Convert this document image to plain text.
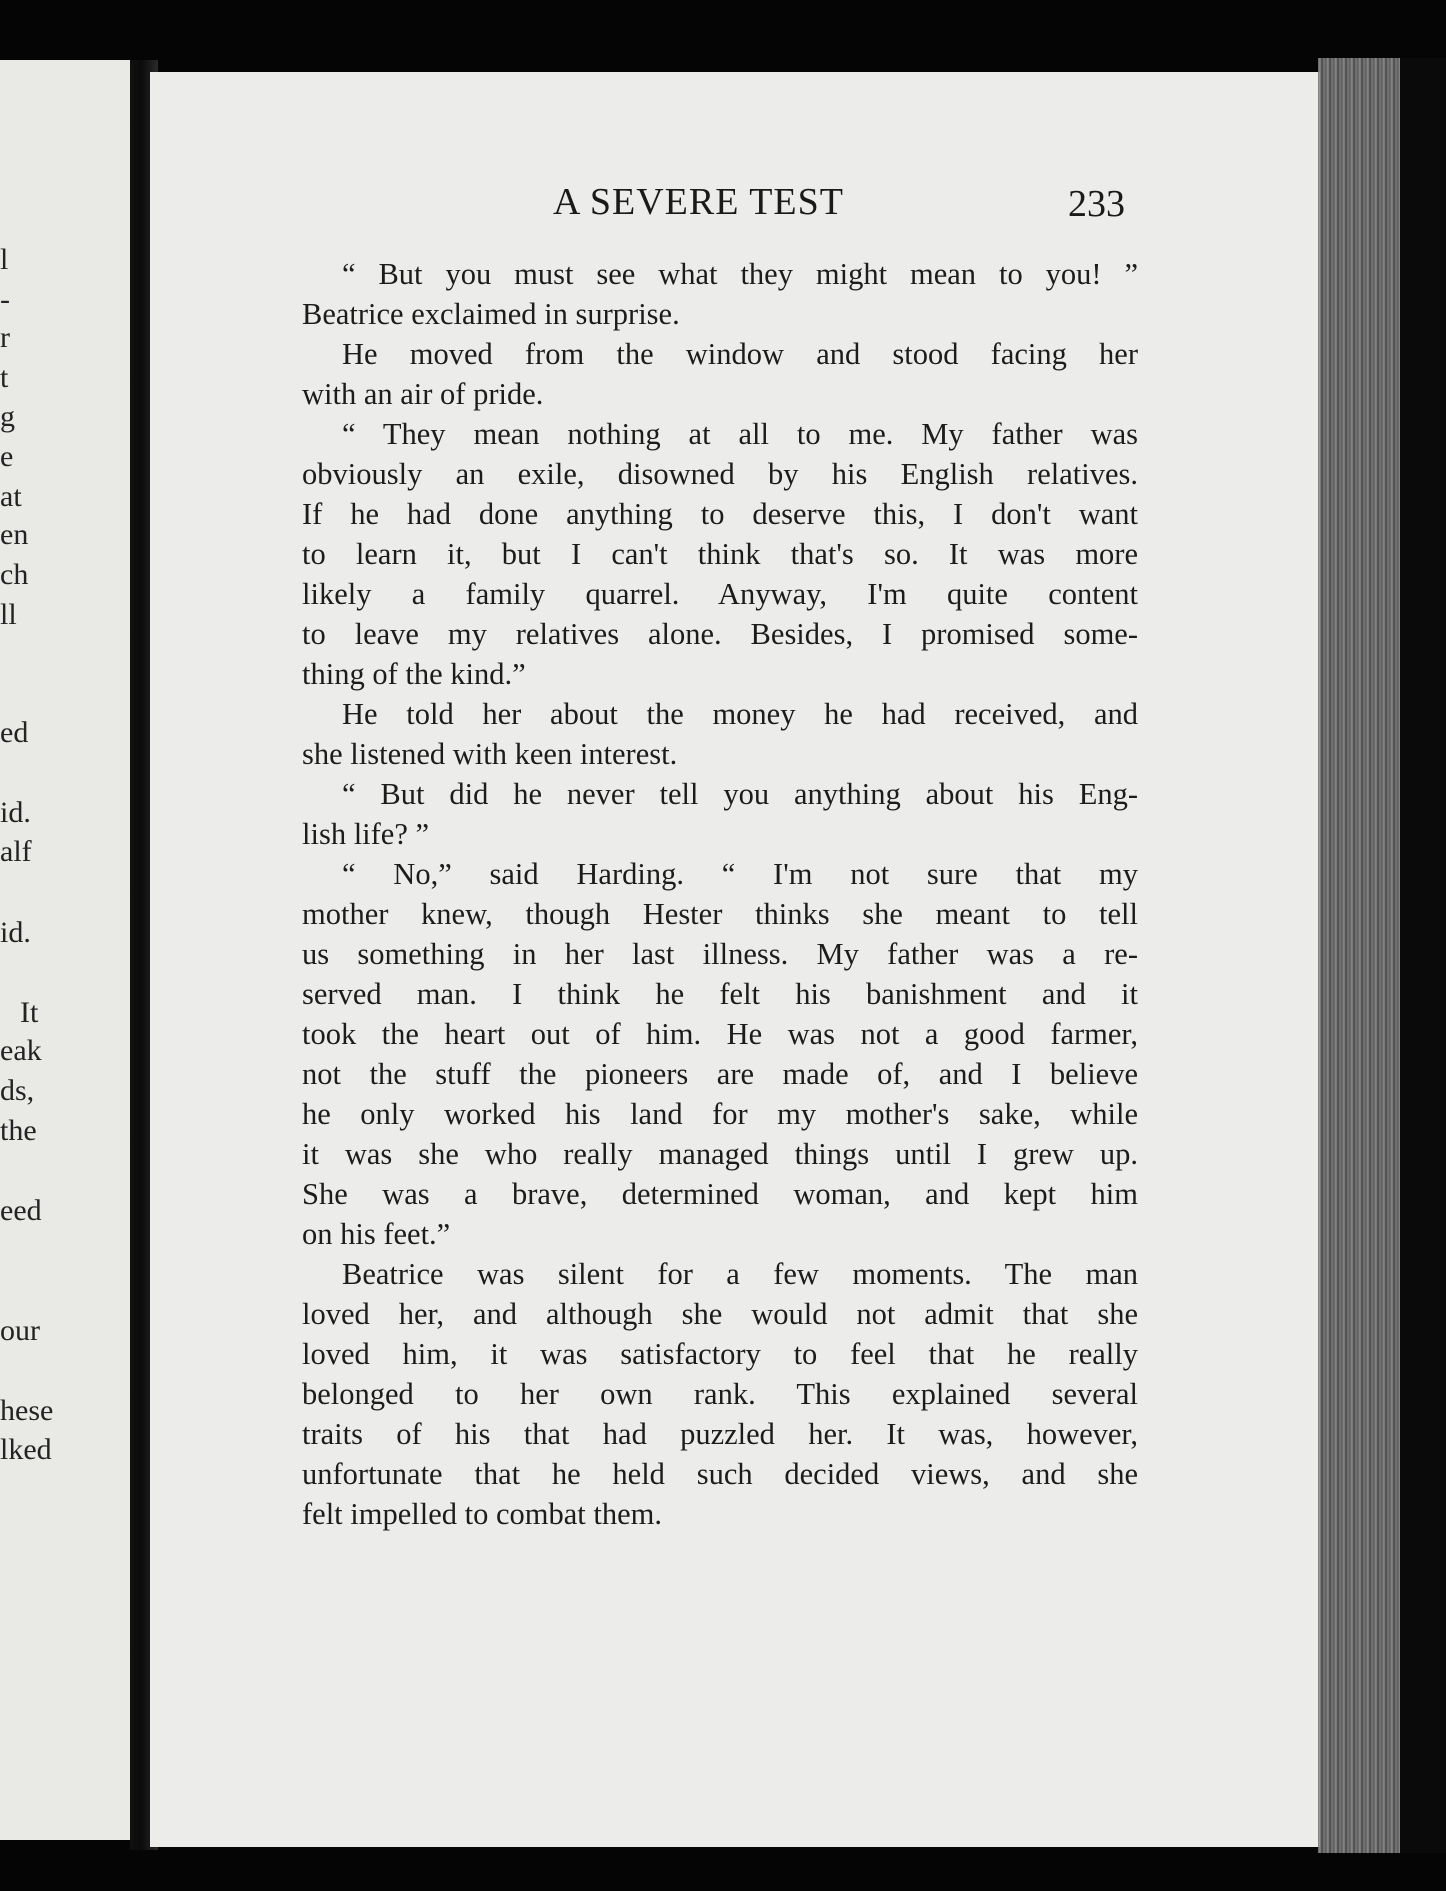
l
-
r
t
g
e
at
en
ch
ll
ed
id.
alf
id.
It
eak
ds,
the
eed
our
hese
lked
A SEVERE TEST	233
“ But you must see what they might mean to you! ”
Beatrice exclaimed in surprise.
He moved from the window and stood facing her
with an air of pride.
“ They mean nothing at all to me. My father was
obviously an exile, disowned by his English relatives.
If he had done anything to deserve this, I don't want
to learn it, but I can't think that's so. It was more
likely a family quarrel. Anyway, I'm quite content
to leave my relatives alone. Besides, I promised some-
thing of the kind.”
He told her about the money he had received, and
she listened with keen interest.
“ But did he never tell you anything about his Eng-
lish life? ”
“ No,” said Harding. “ I'm not sure that my
mother knew, though Hester thinks she meant to tell
us something in her last illness. My father was a re-
served man. I think he felt his banishment and it
took the heart out of him. He was not a good farmer,
not the stuff the pioneers are made of, and I believe
he only worked his land for my mother's sake, while
it was she who really managed things until I grew up.
She was a brave, determined woman, and kept him
on his feet.”
Beatrice was silent for a few moments. The man
loved her, and although she would not admit that she
loved him, it was satisfactory to feel that he really
belonged to her own rank. This explained several
traits of his that had puzzled her. It was, however,
unfortunate that he held such decided views, and she
felt impelled to combat them.
